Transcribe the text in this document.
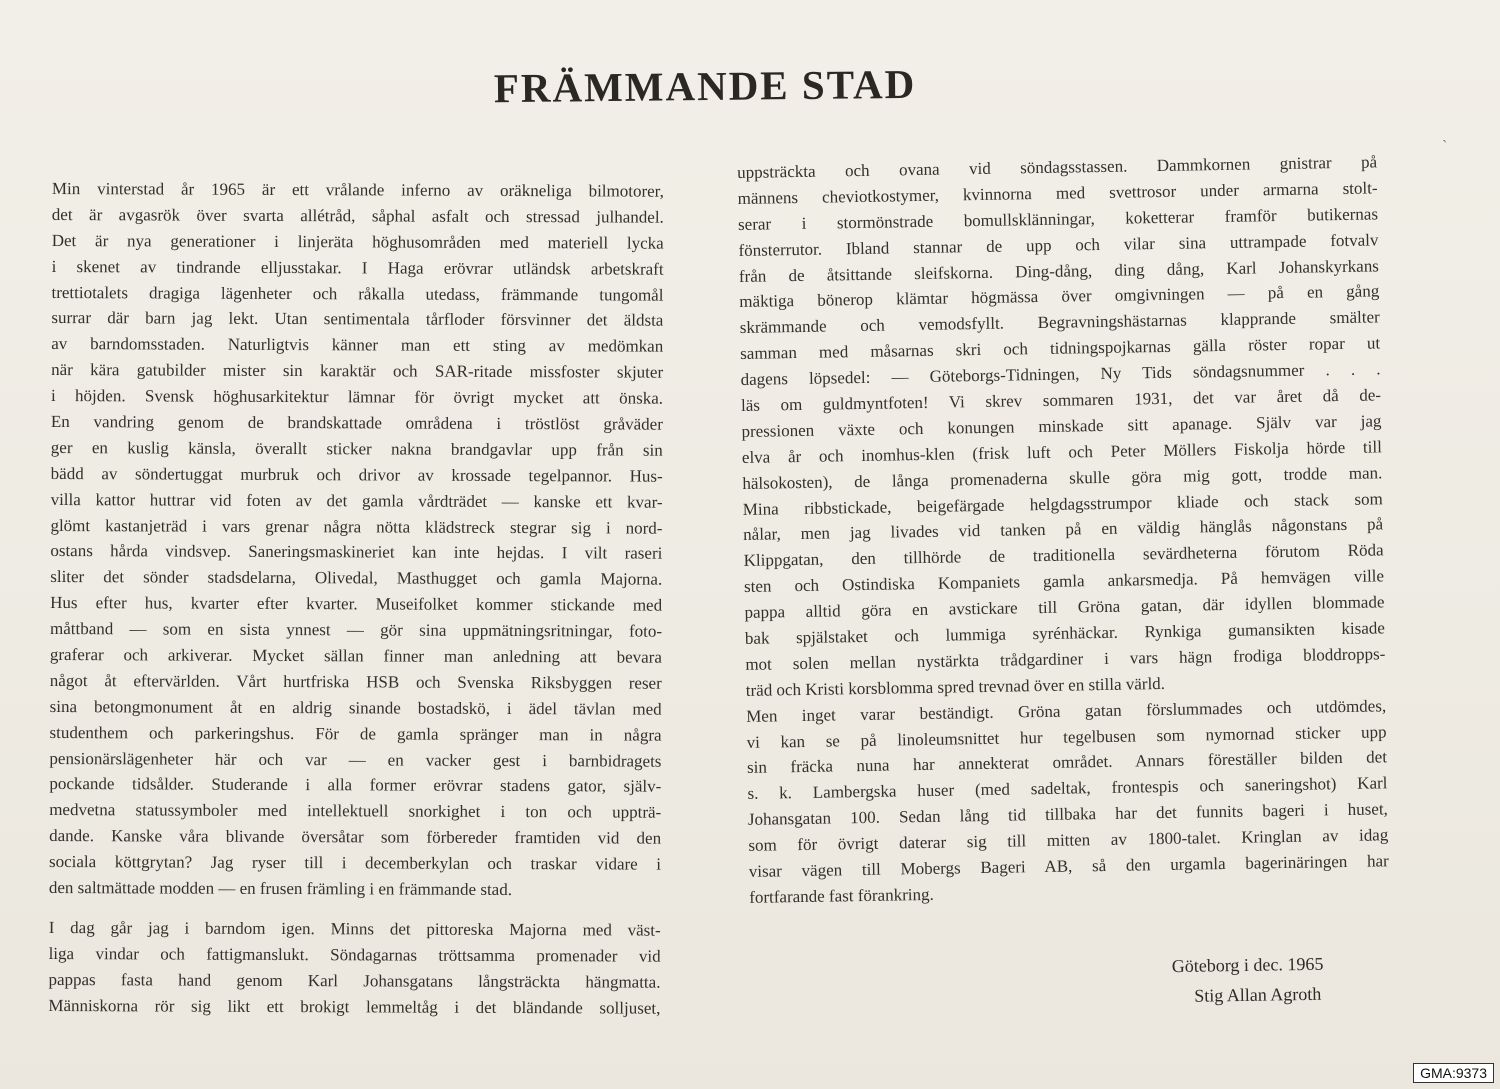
FRÄMMANDE STAD
`
Min vinterstad år 1965 är ett vrålande inferno av oräkneliga bilmotorer,
det är avgasrök över svarta allétråd, såphal asfalt och stressad julhandel.
Det är nya generationer i linjeräta höghusområden med materiell lycka
i skenet av tindrande elljusstakar. I Haga erövrar utländsk arbetskraft
trettiotalets dragiga lägenheter och råkalla utedass, främmande tungomål
surrar där barn jag lekt. Utan sentimentala tårfloder försvinner det äldsta
av barndomsstaden. Naturligtvis känner man ett sting av medömkan
när kära gatubilder mister sin karaktär och SAR-ritade missfoster skjuter
i höjden. Svensk höghusarkitektur lämnar för övrigt mycket att önska.
En vandring genom de brandskattade områdena i tröstlöst gråväder
ger en kuslig känsla, överallt sticker nakna brandgavlar upp från sin
bädd av söndertuggat murbruk och drivor av krossade tegelpannor. Hus-
villa kattor huttrar vid foten av det gamla vårdträdet — kanske ett kvar-
glömt kastanjeträd i vars grenar några nötta klädstreck stegrar sig i nord-
ostans hårda vindsvep. Saneringsmaskineriet kan inte hejdas. I vilt raseri
sliter det sönder stadsdelarna, Olivedal, Masthugget och gamla Majorna.
Hus efter hus, kvarter efter kvarter. Museifolket kommer stickande med
måttband — som en sista ynnest — gör sina uppmätningsritningar, foto-
graferar och arkiverar. Mycket sällan finner man anledning att bevara
något åt eftervärlden. Vårt hurtfriska HSB och Svenska Riksbyggen reser
sina betongmonument åt en aldrig sinande bostadskö, i ädel tävlan med
studenthem och parkeringshus. För de gamla spränger man in några
pensionärslägenheter här och var — en vacker gest i barnbidragets
pockande tidsålder. Studerande i alla former erövrar stadens gator, själv-
medvetna statussymboler med intellektuell snorkighet i ton och uppträ-
dande. Kanske våra blivande översåtar som förbereder framtiden vid den
sociala köttgrytan? Jag ryser till i decemberkylan och traskar vidare i
den saltmättade modden — en frusen främling i en främmande stad.
I dag går jag i barndom igen. Minns det pittoreska Majorna med väst-
liga vindar och fattigmanslukt. Söndagarnas tröttsamma promenader vid
pappas fasta hand genom Karl Johansgatans långsträckta hängmatta.
Människorna rör sig likt ett brokigt lemmeltåg i det bländande solljuset,
uppsträckta och ovana vid söndagsstassen. Dammkornen gnistrar på
männens cheviotkostymer, kvinnorna med svettrosor under armarna stolt-
serar i stormönstrade bomullsklänningar, koketterar framför butikernas
fönsterrutor. Ibland stannar de upp och vilar sina uttrampade fotvalv
från de åtsittande sleifskorna. Ding-dång, ding dång, Karl Johanskyrkans
mäktiga bönerop klämtar högmässa över omgivningen — på en gång
skrämmande och vemodsfyllt. Begravningshästarnas klapprande smälter
samman med måsarnas skri och tidningspojkarnas gälla röster ropar ut
dagens löpsedel: — Göteborgs-Tidningen, Ny Tids söndagsnummer . . .
läs om guldmyntfoten! Vi skrev sommaren 1931, det var året då de-
pressionen växte och konungen minskade sitt apanage. Själv var jag
elva år och inomhus-klen (frisk luft och Peter Möllers Fiskolja hörde till
hälsokosten), de långa promenaderna skulle göra mig gott, trodde man.
Mina ribbstickade, beigefärgade helgdagsstrumpor kliade och stack som
nålar, men jag livades vid tanken på en väldig hänglås någonstans på
Klippgatan, den tillhörde de traditionella sevärdheterna förutom Röda
sten och Ostindiska Kompaniets gamla ankarsmedja. På hemvägen ville
pappa alltid göra en avstickare till Gröna gatan, där idyllen blommade
bak spjälstaket och lummiga syrénhäckar. Rynkiga gumansikten kisade
mot solen mellan nystärkta trådgardiner i vars hägn frodiga bloddropps-
träd och Kristi korsblomma spred trevnad över en stilla värld.
Men inget varar beständigt. Gröna gatan förslummades och utdömdes,
vi kan se på linoleumsnittet hur tegelbusen som nymornad sticker upp
sin fräcka nuna har annekterat området. Annars föreställer bilden det
s. k. Lambergska huser (med sadeltak, frontespis och saneringshot) Karl
Johansgatan 100. Sedan lång tid tillbaka har det funnits bageri i huset,
som för övrigt daterar sig till mitten av 1800-talet. Kringlan av idag
visar vägen till Mobergs Bageri AB, så den urgamla bagerinäringen har
fortfarande fast förankring.
Göteborg i dec. 1965
Stig Allan Agroth
GMA:9373
